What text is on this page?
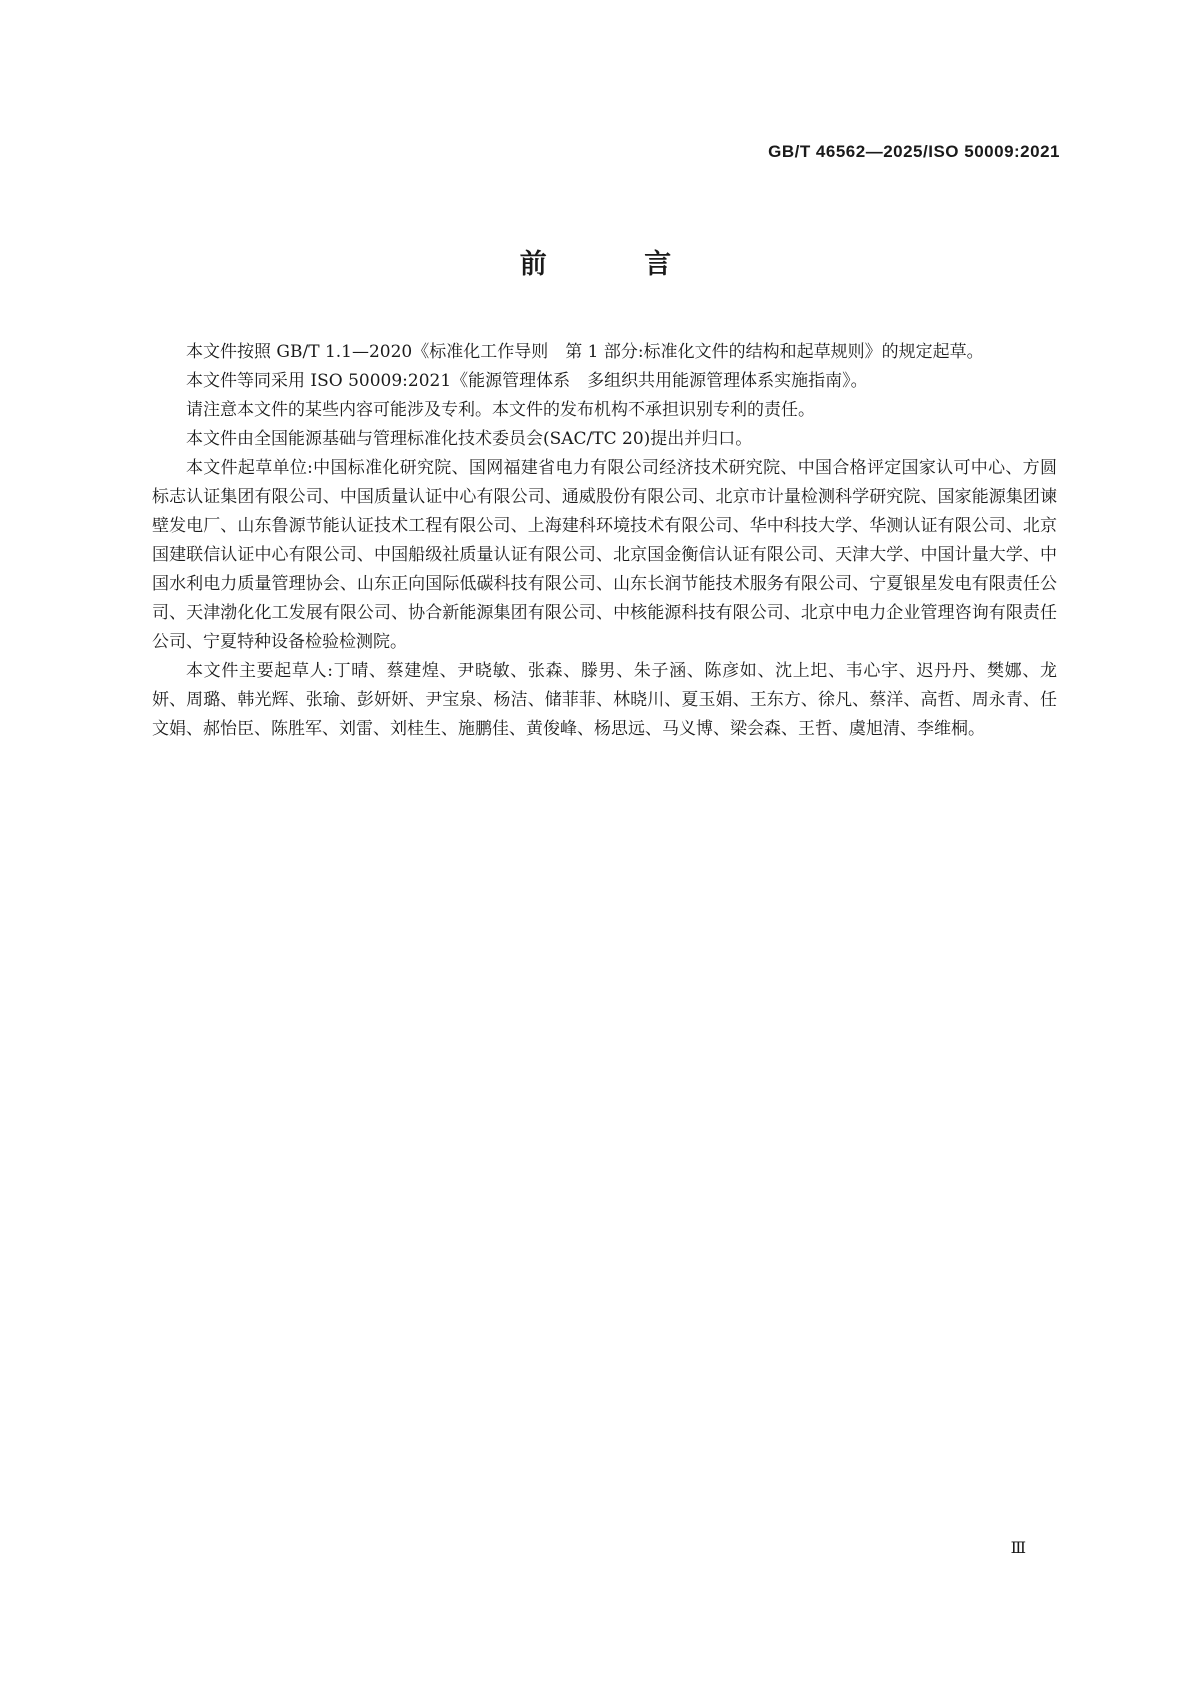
GB/T 46562—2025/ISO 50009:2021
前 言

本文件按照 GB/T 1.1—2020《标准化工作导则　第 1 部分:标准化文件的结构和起草规则》的规定起草。

本文件等同采用 ISO 50009:2021《能源管理体系　多组织共用能源管理体系实施指南》。

请注意本文件的某些内容可能涉及专利。本文件的发布机构不承担识别专利的责任。

本文件由全国能源基础与管理标准化技术委员会(SAC/TC 20)提出并归口。

本文件起草单位:中国标准化研究院、国网福建省电力有限公司经济技术研究院、中国合格评定国家认可中心、方圆标志认证集团有限公司、中国质量认证中心有限公司、通威股份有限公司、北京市计量检测科学研究院、国家能源集团谏壁发电厂、山东鲁源节能认证技术工程有限公司、上海建科环境技术有限公司、华中科技大学、华测认证有限公司、北京国建联信认证中心有限公司、中国船级社质量认证有限公司、北京国金衡信认证有限公司、天津大学、中国计量大学、中国水利电力质量管理协会、山东正向国际低碳科技有限公司、山东长润节能技术服务有限公司、宁夏银星发电有限责任公司、天津渤化化工发展有限公司、协合新能源集团有限公司、中核能源科技有限公司、北京中电力企业管理咨询有限责任公司、宁夏特种设备检验检测院。

本文件主要起草人:丁晴、蔡建煌、尹晓敏、张森、滕男、朱子涵、陈彦如、沈上圯、韦心宇、迟丹丹、樊娜、龙妍、周璐、韩光辉、张瑜、彭妍妍、尹宝泉、杨洁、储菲菲、林晓川、夏玉娟、王东方、徐凡、蔡洋、高哲、周永青、任文娟、郝怡臣、陈胜军、刘雷、刘桂生、施鹏佳、黄俊峰、杨思远、马义博、梁会森、王哲、虞旭清、李维桐。

Ⅲ
